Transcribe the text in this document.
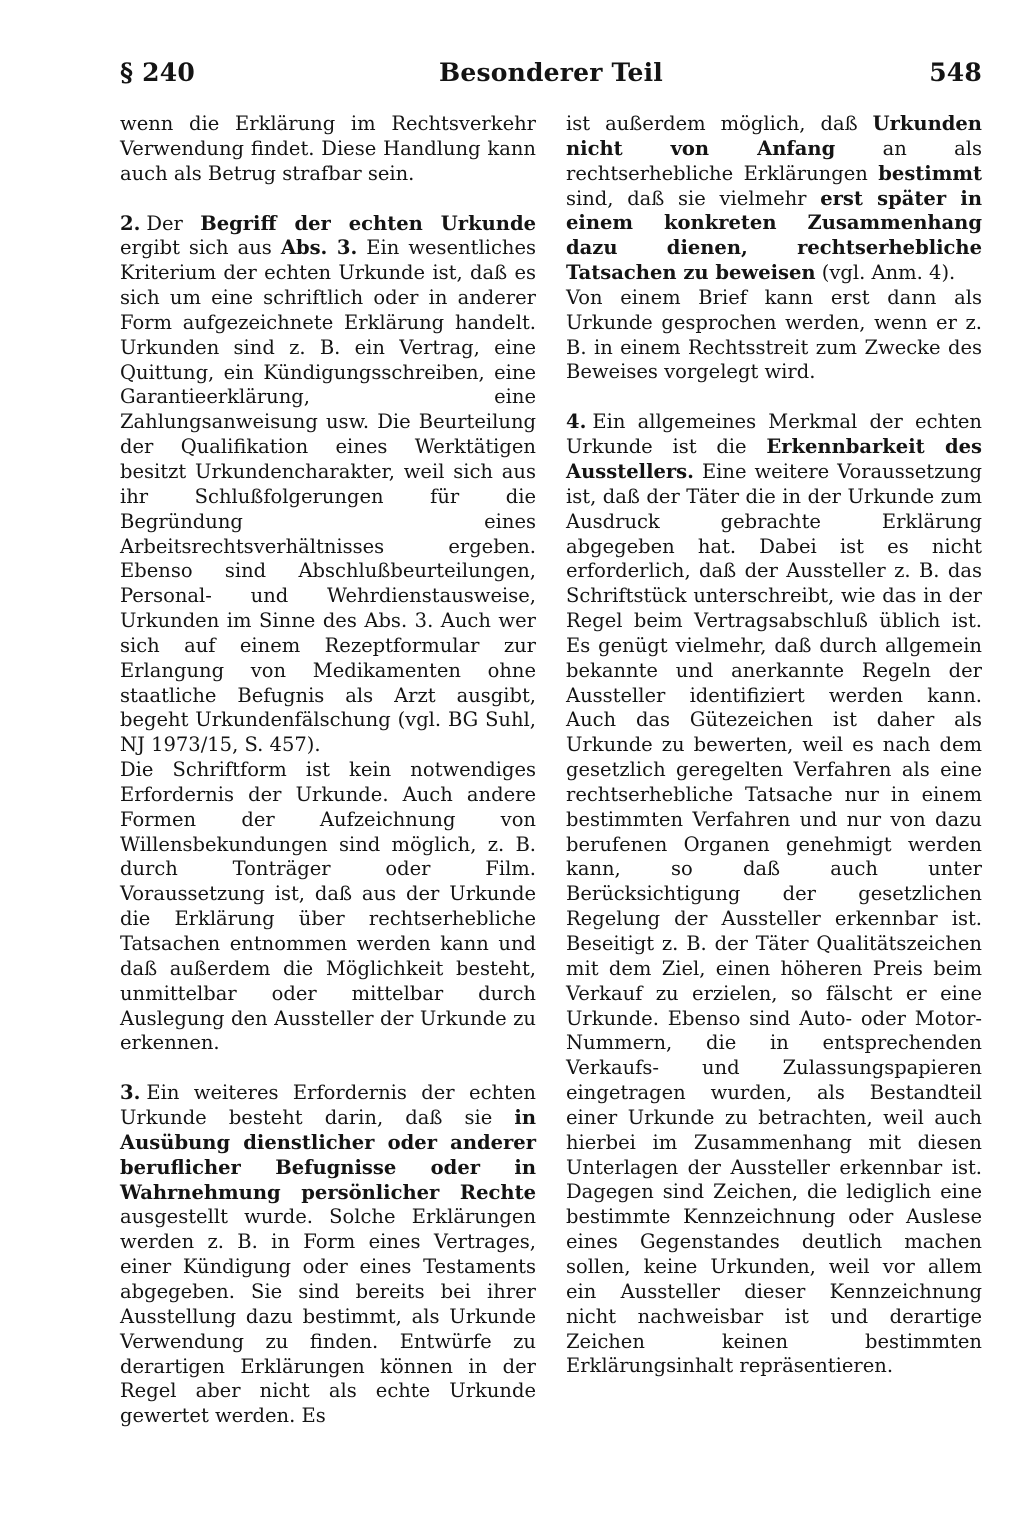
§ 240	Besonderer Teil	548

wenn die Erklärung im Rechtsverkehr Verwendung findet. Diese Handlung kann auch als Betrug strafbar sein.

2. Der Begriff der echten Urkunde ergibt sich aus Abs. 3. Ein wesentliches Kriterium der echten Urkunde ist, daß es sich um eine schriftlich oder in anderer Form aufgezeichnete Erklärung handelt. Urkunden sind z. B. ein Vertrag, eine Quittung, ein Kündigungsschreiben, eine Garantieerklärung, eine Zahlungsanweisung usw. Die Beurteilung der Qualifikation eines Werktätigen besitzt Urkundencharakter, weil sich aus ihr Schlußfolgerungen für die Begründung eines Arbeitsrechtsverhältnisses ergeben. Ebenso sind Abschlußbeurteilungen, Personal- und Wehrdienstausweise, Urkunden im Sinne des Abs. 3. Auch wer sich auf einem Rezeptformular zur Erlangung von Medikamenten ohne staatliche Befugnis als Arzt ausgibt, begeht Urkundenfälschung (vgl. BG Suhl, NJ 1973/15, S. 457).

Die Schriftform ist kein notwendiges Erfordernis der Urkunde. Auch andere Formen der Aufzeichnung von Willensbekundungen sind möglich, z. B. durch Tonträger oder Film. Voraussetzung ist, daß aus der Urkunde die Erklärung über rechtserhebliche Tatsachen entnommen werden kann und daß außerdem die Möglichkeit besteht, unmittelbar oder mittelbar durch Auslegung den Aussteller der Urkunde zu erkennen.

3. Ein weiteres Erfordernis der echten Urkunde besteht darin, daß sie in Ausübung dienstlicher oder anderer beruflicher Befugnisse oder in Wahrnehmung persönlicher Rechte ausgestellt wurde. Solche Erklärungen werden z. B. in Form eines Vertrages, einer Kündigung oder eines Testaments abgegeben. Sie sind bereits bei ihrer Ausstellung dazu bestimmt, als Urkunde Verwendung zu finden. Entwürfe zu derartigen Erklärungen können in der Regel aber nicht als echte Urkunde gewertet werden. Es

ist außerdem möglich, daß Urkunden nicht von Anfang an als rechtserhebliche Erklärungen bestimmt sind, daß sie vielmehr erst später in einem konkreten Zusammenhang dazu dienen, rechtserhebliche Tatsachen zu beweisen (vgl. Anm. 4).

Von einem Brief kann erst dann als Urkunde gesprochen werden, wenn er z. B. in einem Rechtsstreit zum Zwecke des Beweises vorgelegt wird.

4. Ein allgemeines Merkmal der echten Urkunde ist die Erkennbarkeit des Ausstellers. Eine weitere Voraussetzung ist, daß der Täter die in der Urkunde zum Ausdruck gebrachte Erklärung abgegeben hat. Dabei ist es nicht erforderlich, daß der Aussteller z. B. das Schriftstück unterschreibt, wie das in der Regel beim Vertragsabschluß üblich ist. Es genügt vielmehr, daß durch allgemein bekannte und anerkannte Regeln der Aussteller identifiziert werden kann. Auch das Gütezeichen ist daher als Urkunde zu bewerten, weil es nach dem gesetzlich geregelten Verfahren als eine rechtserhebliche Tatsache nur in einem bestimmten Verfahren und nur von dazu berufenen Organen genehmigt werden kann, so daß auch unter Berücksichtigung der gesetzlichen Regelung der Aussteller erkennbar ist. Beseitigt z. B. der Täter Qualitätszeichen mit dem Ziel, einen höheren Preis beim Verkauf zu erzielen, so fälscht er eine Urkunde. Ebenso sind Auto- oder Motor-Nummern, die in entsprechenden Verkaufs- und Zulassungspapieren eingetragen wurden, als Bestandteil einer Urkunde zu betrachten, weil auch hierbei im Zusammenhang mit diesen Unterlagen der Aussteller erkennbar ist. Dagegen sind Zeichen, die lediglich eine bestimmte Kennzeichnung oder Auslese eines Gegenstandes deutlich machen sollen, keine Urkunden, weil vor allem ein Aussteller dieser Kennzeichnung nicht nachweisbar ist und derartige Zeichen keinen bestimmten Erklärungsinhalt repräsentieren.
